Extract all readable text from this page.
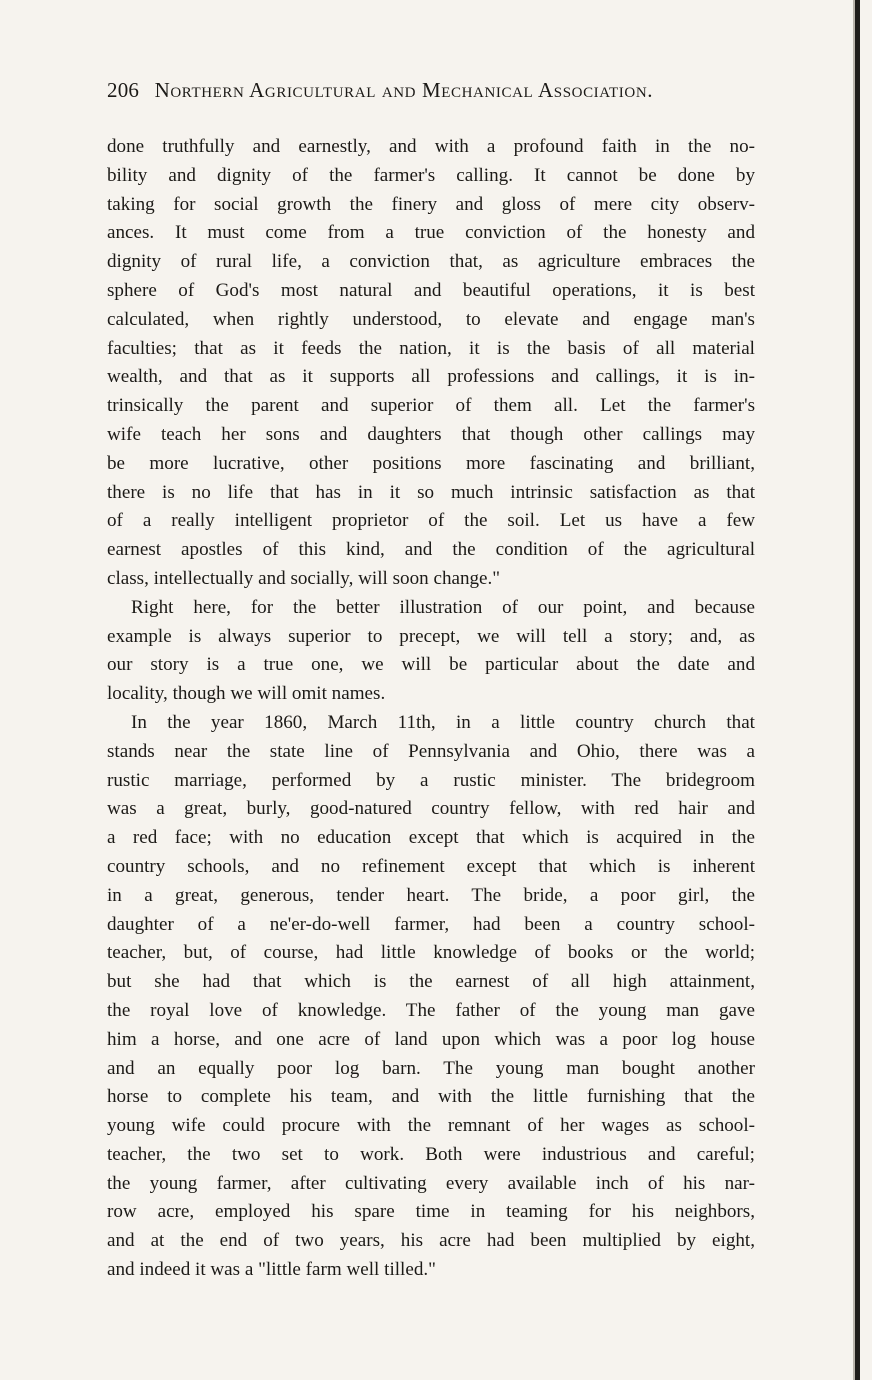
206 Northern Agricultural and Mechanical Association.
done truthfully and earnestly, and with a profound faith in the no-
bility and dignity of the farmer's calling. It cannot be done by
taking for social growth the finery and gloss of mere city observ-
ances. It must come from a true conviction of the honesty and
dignity of rural life, a conviction that, as agriculture embraces the
sphere of God's most natural and beautiful operations, it is best
calculated, when rightly understood, to elevate and engage man's
faculties; that as it feeds the nation, it is the basis of all material
wealth, and that as it supports all professions and callings, it is in-
trinsically the parent and superior of them all. Let the farmer's
wife teach her sons and daughters that though other callings may
be more lucrative, other positions more fascinating and brilliant,
there is no life that has in it so much intrinsic satisfaction as that
of a really intelligent proprietor of the soil. Let us have a few
earnest apostles of this kind, and the condition of the agricultural
class, intellectually and socially, will soon change."
Right here, for the better illustration of our point, and because
example is always superior to precept, we will tell a story; and, as
our story is a true one, we will be particular about the date and
locality, though we will omit names.
In the year 1860, March 11th, in a little country church that
stands near the state line of Pennsylvania and Ohio, there was a
rustic marriage, performed by a rustic minister. The bridegroom
was a great, burly, good-natured country fellow, with red hair and
a red face; with no education except that which is acquired in the
country schools, and no refinement except that which is inherent
in a great, generous, tender heart. The bride, a poor girl, the
daughter of a ne'er-do-well farmer, had been a country school-
teacher, but, of course, had little knowledge of books or the world;
but she had that which is the earnest of all high attainment,
the royal love of knowledge. The father of the young man gave
him a horse, and one acre of land upon which was a poor log house
and an equally poor log barn. The young man bought another
horse to complete his team, and with the little furnishing that the
young wife could procure with the remnant of her wages as school-
teacher, the two set to work. Both were industrious and careful;
the young farmer, after cultivating every available inch of his nar-
row acre, employed his spare time in teaming for his neighbors,
and at the end of two years, his acre had been multiplied by eight,
and indeed it was a "little farm well tilled."
